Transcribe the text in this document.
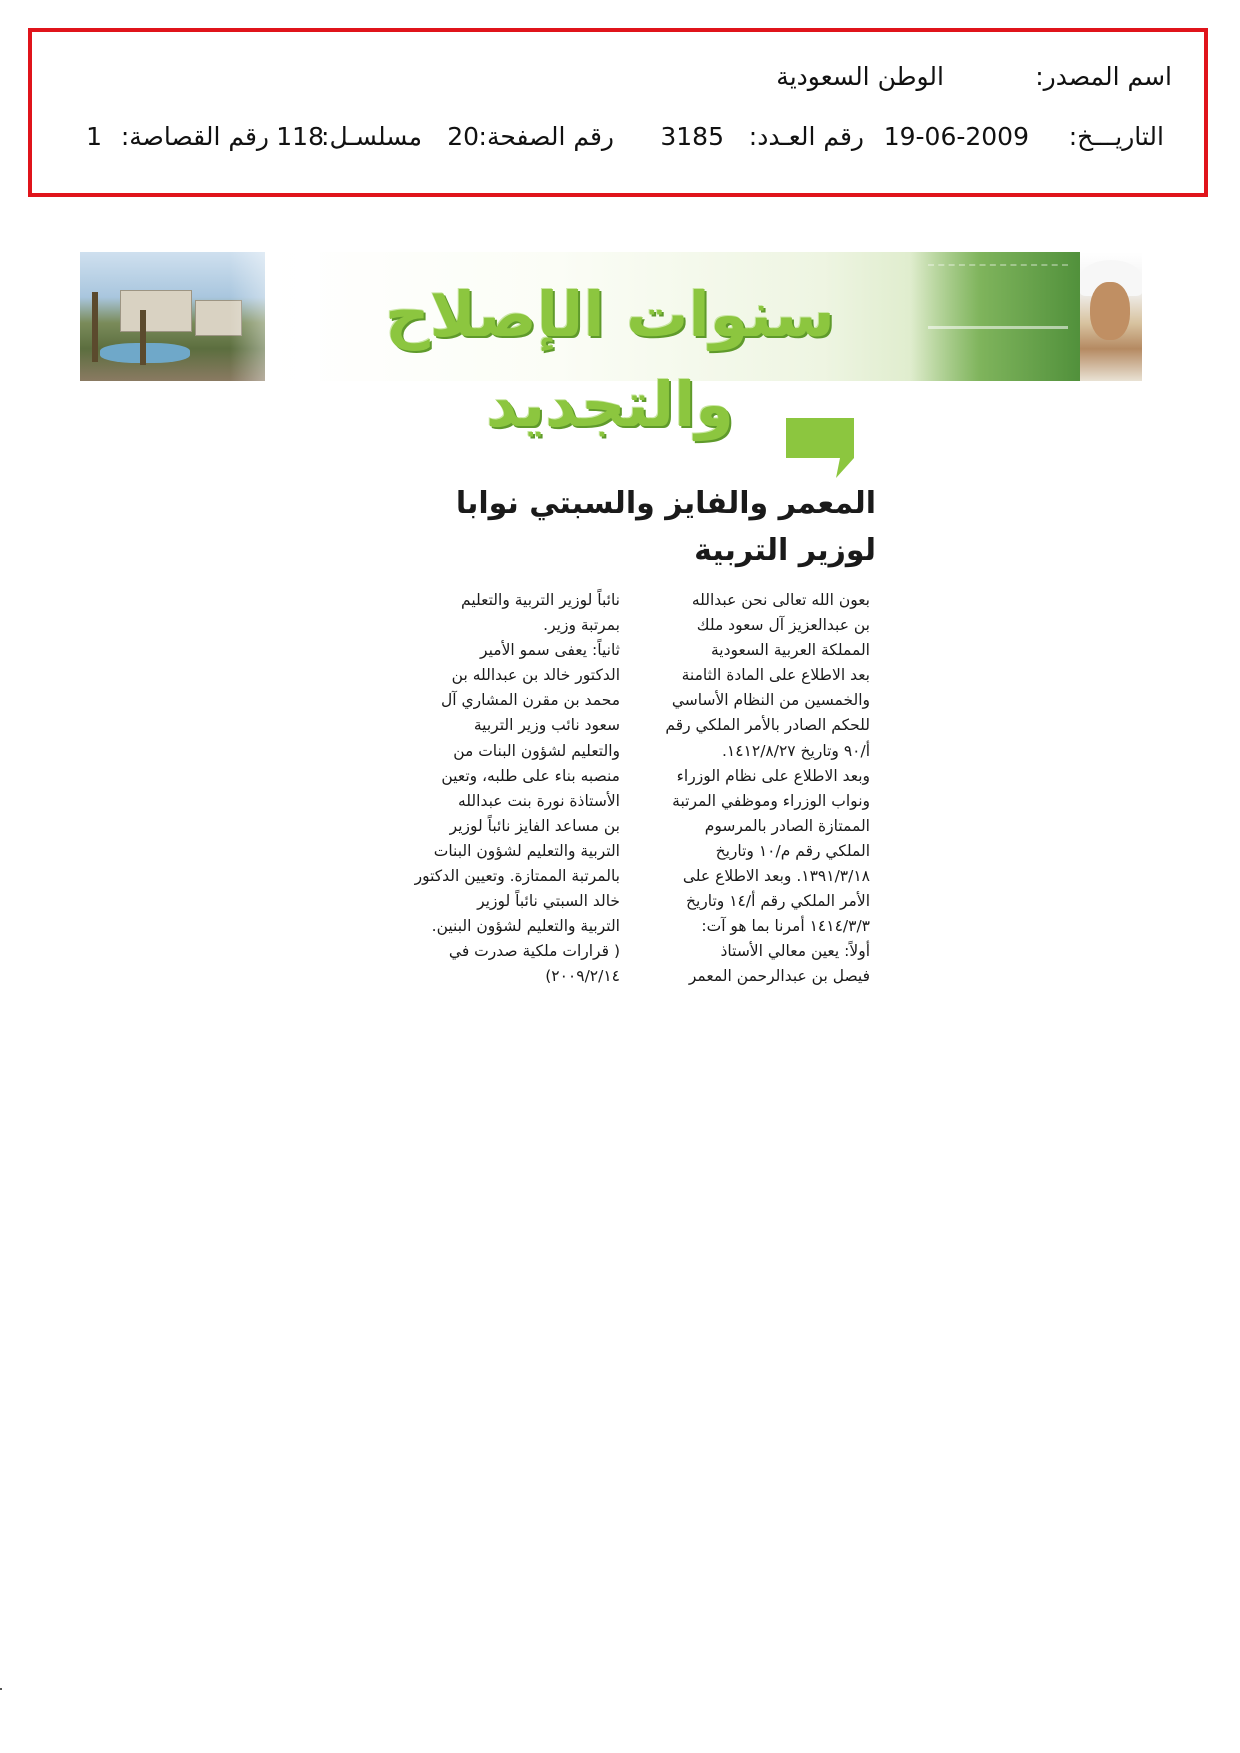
اسم المصدر:
الوطن السعودية
التاريـــخ:
19-06-2009
رقم العـدد:
3185
رقم الصفحة:
20
مسلسـل:
118
رقم القصاصة:
1
سنوات الإصلاح والتجديد
المعمر والفايز والسبتي نوابا
لوزير التربية
بعون الله تعالى نحن عبدالله
بن عبدالعزيز آل سعود ملك
المملكة العربية السعودية
بعد الاطلاع على المادة الثامنة
والخمسين من النظام الأساسي
للحكم الصادر بالأمر الملكي رقم
أ/٩٠ وتاريخ ١٤١٢/٨/٢٧.
وبعد الاطلاع على نظام الوزراء
ونواب الوزراء وموظفي المرتبة
الممتازة الصادر بالمرسوم
الملكي رقم م/١٠ وتاريخ
١٣٩١/٣/١٨. وبعد الاطلاع على
الأمر الملكي رقم أ/١٤ وتاريخ
١٤١٤/٣/٣ أمرنا بما هو آت:
أولاً: يعين معالي الأستاذ
فيصل بن عبدالرحمن المعمر
نائباً لوزير التربية والتعليم
بمرتبة وزير.
ثانياً: يعفى سمو الأمير
الدكتور خالد بن عبدالله بن
محمد بن مقرن المشاري آل
سعود نائب وزير التربية
والتعليم لشؤون البنات من
منصبه بناء على طلبه، وتعين
الأستاذة نورة بنت عبدالله
بن مساعد الفايز نائباً لوزير
التربية والتعليم لشؤون البنات
بالمرتبة الممتازة. وتعيين الدكتور
خالد السبتي نائباً لوزير
التربية والتعليم لشؤون البنين.
( قرارات ملكية صدرت في
٢٠٠٩/٢/١٤)
